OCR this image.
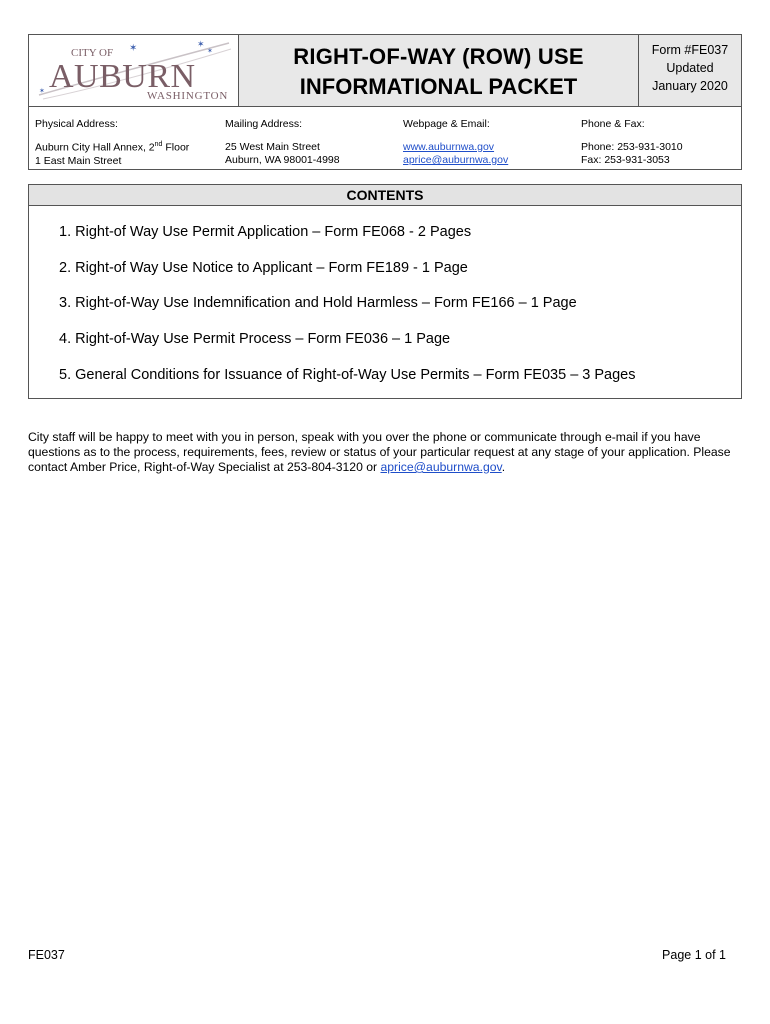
CITY OF ✶	✶
✶
✶ AUBURN
WASHINGTON
RIGHT-OF-WAY (ROW) USE
INFORMATIONAL PACKET
Form #FE037
Updated
January 2020
Physical Address:
Auburn City Hall Annex, 2nd Floor
1 East Main Street
Mailing Address:
25 West Main Street
Auburn, WA 98001-4998
Webpage & Email:
www.auburnwa.gov
aprice@auburnwa.gov
Phone & Fax:
Phone: 253-931-3010
Fax: 253-931-3053
CONTENTS
1. Right-of Way Use Permit Application – Form FE068 - 2 Pages
2. Right-of Way Use Notice to Applicant – Form FE189 - 1 Page
3. Right-of-Way Use Indemnification and Hold Harmless – Form FE166 – 1 Page
4. Right-of-Way Use Permit Process – Form FE036 – 1 Page
5. General Conditions for Issuance of Right-of-Way Use Permits – Form FE035 – 3 Pages
City staff will be happy to meet with you in person, speak with you over the phone or communicate through e-mail if you have questions as to the process, requirements, fees, review or status of your particular request at any stage of your application. Please contact Amber Price, Right-of-Way Specialist at 253-804-3120 or aprice@auburnwa.gov.
FE037	Page 1 of 1
